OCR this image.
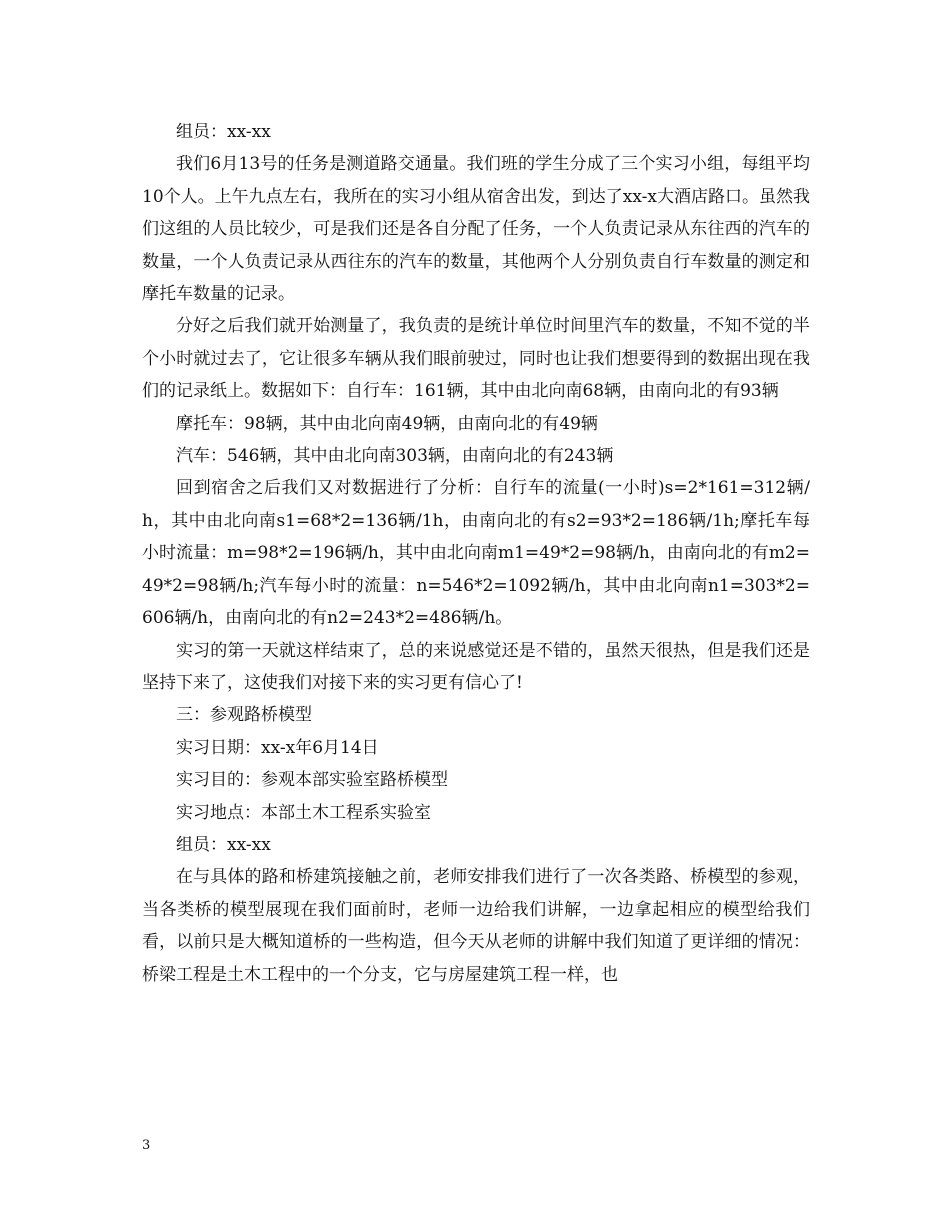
组员：xx-xx

我们6月13号的任务是测道路交通量。我们班的学生分成了三个实习小组，每组平均10个人。上午九点左右，我所在的实习小组从宿舍出发，到达了xx-x大酒店路口。虽然我们这组的人员比较少，可是我们还是各自分配了任务，一个人负责记录从东往西的汽车的数量，一个人负责记录从西往东的汽车的数量，其他两个人分别负责自行车数量的测定和摩托车数量的记录。

分好之后我们就开始测量了，我负责的是统计单位时间里汽车的数量，不知不觉的半个小时就过去了，它让很多车辆从我们眼前驶过，同时也让我们想要得到的数据出现在我们的记录纸上。数据如下：自行车：161辆，其中由北向南68辆，由南向北的有93辆

摩托车：98辆，其中由北向南49辆，由南向北的有49辆

汽车：546辆，其中由北向南303辆，由南向北的有243辆

回到宿舍之后我们又对数据进行了分析：自行车的流量(一小时)s=2*161=312辆/h，其中由北向南s1=68*2=136辆/1h，由南向北的有s2=93*2=186辆/1h;摩托车每小时流量：m=98*2=196辆/h，其中由北向南m1=49*2=98辆/h，由南向北的有m2=49*2=98辆/h;汽车每小时的流量：n=546*2=1092辆/h，其中由北向南n1=303*2=606辆/h，由南向北的有n2=243*2=486辆/h。

实习的第一天就这样结束了，总的来说感觉还是不错的，虽然天很热，但是我们还是坚持下来了，这使我们对接下来的实习更有信心了!

三：参观路桥模型

实习日期：xx-x年6月14日

实习目的：参观本部实验室路桥模型

实习地点：本部土木工程系实验室

组员：xx-xx

在与具体的路和桥建筑接触之前，老师安排我们进行了一次各类路、桥模型的参观，当各类桥的模型展现在我们面前时，老师一边给我们讲解，一边拿起相应的模型给我们看，以前只是大概知道桥的一些构造，但今天从老师的讲解中我们知道了更详细的情况：桥梁工程是土木工程中的一个分支，它与房屋建筑工程一样，也

3
